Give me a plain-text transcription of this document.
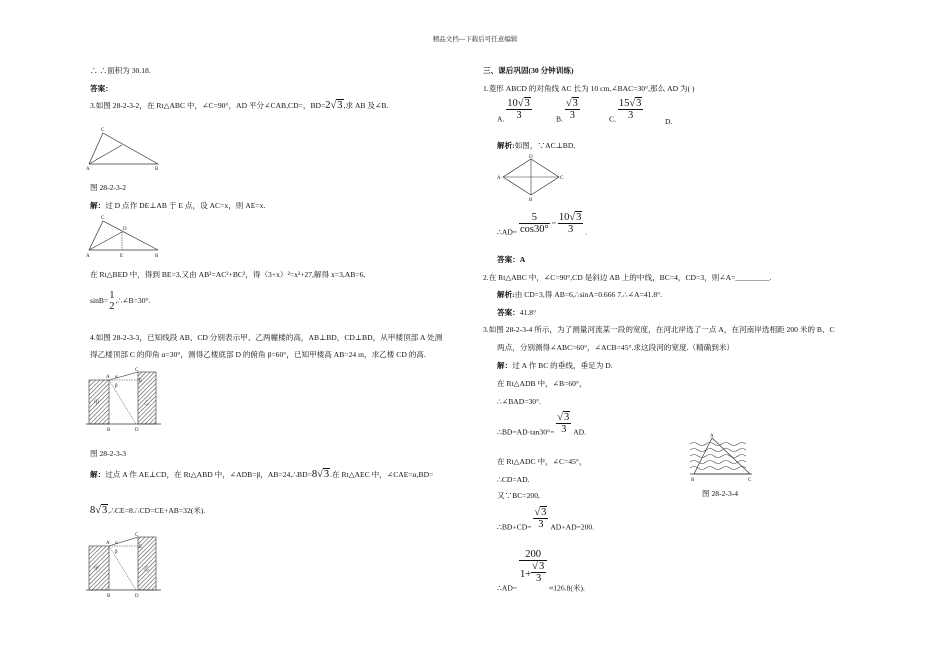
精品文档---下载后可任意编辑
∴ ∴面积为 30.18.
答案：
3.如图 28-2-3-2，在 Rt△ABC 中，∠C=90°，AD 平分∠CAB,CD=，BD=2√3,求 AB 及∠B.
C
A	B
图 28-2-3-2
解：过 D 点作 DE⊥AB 于 E 点，设 AC=x，则 AE=x.
C
D
A	E	B
在 Rt△BED 中，得到 BE=3,又由 AB²=AC²+BC²，得（3+x）²=x²+27,解得 x=3,AB=6,
sinB= 1
2
,∴∠B=30°.
4.如图 28-2-3-3，已知线段 AB、CD 分别表示甲、乙两幢楼的高，AB⊥BD，CD⊥BD，从甲楼顶部 A 处测
得乙楼顶部 C 的仰角 α=30°，测得乙楼底部 D 的俯角 β=60°，已知甲楼高 AB=24 m，求乙楼 CD 的高.
C
A
E
B	D
甲	乙
α
β
图 28-2-3-3
解：过点 A 作 AE⊥CD，在 Rt△ABD 中，∠ADB=β，AB=24,∴BD=8√3.在 Rt△AEC 中，∠CAE=α,BD=
8√3,∴CE=8.∴CD=CE+AB=32(米).
C
A
E
B	D
甲	乙
α
β
三、课后巩固(30 分钟训练)
1.菱形 ABCD 的对角线 AC 长为 10 cm,∠BAC=30°,那么 AD 为( )
A. $\frac{10√3}{3}$	B. $\frac{√3}{3}$	C. $\frac{15√3}{3}$
D.
解析:如图，∵AC⊥BD,
D
A	C
B
∴AD= $\frac{5}{\cos 30^\circ} = \frac{10√3}{3}$ .
答案：A
2.在 Rt△ABC 中，∠C=90°,CD 是斜边 AB 上的中线，BC=4，CD=3，则∠A=_________.
解析:由 CD=3,得 AB=6,∴sinA=0.666 7.∴∠A=41.8°.
答案：41.8°
3.如图 28-2-3-4 所示，为了测量河流某一段的宽度，在河北岸选了一点 A，在河南岸选相距 200 米的 B、C
两点，分别测得∠ABC=60°，∠ACB=45°.求这段河的宽度.（精确到米）
解：过 A 作 BC 的垂线，垂足为 D.
在 Rt△ADB 中，∠B=60°，
∴∠BAD=30°.
∴BD=AD·tan30°= $\frac{√3}{3}$ AD.
在 Rt△ADC 中，∠C=45°，
∴CD=AD.
又∵BC=200,
∴BD+CD= $\frac{√3}{3} AD+AD=200$.
∴AD=
$\frac{200}{1+ \frac{√3}{3}}$
≈126.8(米).
A
B	C
图 28-2-3-4
